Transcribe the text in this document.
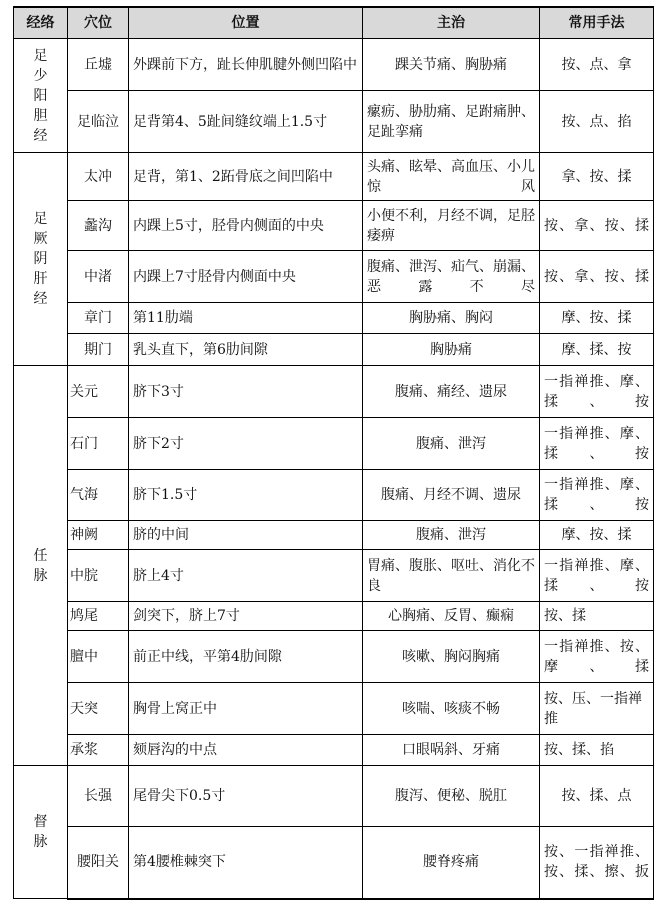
经络	穴位	位置	主治	常用手法
足少阳胆经	丘墟	外踝前下方，趾长伸肌腱外侧凹陷中	踝关节痛、胸胁痛	按、点、拿
	足临泣	足背第4、5趾间缝纹端上1.5寸	瘰疬、胁肋痛、足跗痛肿、足趾挛痛	按、点、掐
足厥阴肝经	太冲	足背，第1、2跖骨底之间凹陷中	头痛、眩晕、高血压、小儿惊风	拿、按、揉
	蠡沟	内踝上5寸，胫骨内侧面的中央	小便不利，月经不调，足胫痿痹	按、拿、按、揉
	中渚	内踝上7寸胫骨内侧面中央	腹痛、泄泻、疝气、崩漏、恶露不尽	按、拿、按、揉
	章门	第11肋端	胸胁痛、胸闷	摩、按、揉
	期门	乳头直下，第6肋间隙	胸胁痛	摩、揉、按
任脉	关元	脐下3寸	腹痛、痛经、遗尿	一指禅推、摩、揉、按
	石门	脐下2寸	腹痛、泄泻	一指禅推、摩、揉、按
	气海	脐下1.5寸	腹痛、月经不调、遗尿	一指禅推、摩、揉、按
	神阙	脐的中间	腹痛、泄泻	摩、按、揉
	中脘	脐上4寸	胃痛、腹胀、呕吐、消化不良	一指禅推、摩、揉、按
	鸠尾	剑突下，脐上7寸	心胸痛、反胃、癫痫	按、揉
	膻中	前正中线，平第4肋间隙	咳嗽、胸闷胸痛	一指禅推、按、摩、揉
	天突	胸骨上窝正中	咳喘、咳痰不畅	按、压、一指禅推
	承浆	颏唇沟的中点	口眼㖞斜、牙痛	按、揉、掐
督脉	长强	尾骨尖下0.5寸	腹泻、便秘、脱肛	按、揉、点
	腰阳关	第4腰椎棘突下	腰脊疼痛	按、一指禅推、按、揉、擦、扳
